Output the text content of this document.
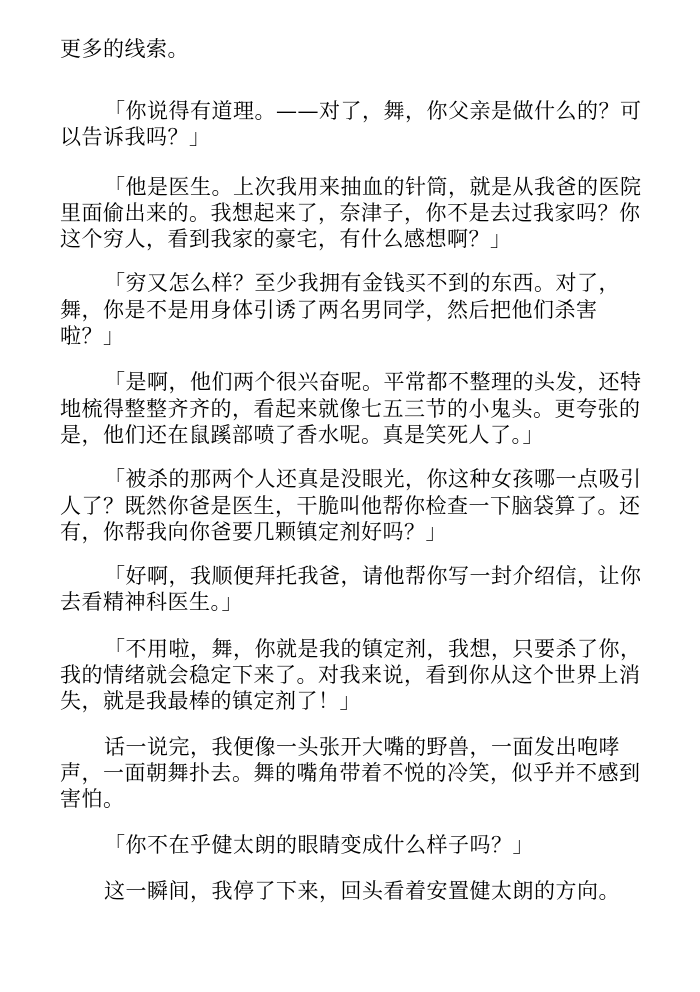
更多的线索。
「你说得有道理。——对了，舞，你父亲是做什么的？可
以告诉我吗？」
「他是医生。上次我用来抽血的针筒，就是从我爸的医院
里面偷出来的。我想起来了，奈津子，你不是去过我家吗？你
这个穷人，看到我家的豪宅，有什么感想啊？」
「穷又怎么样？至少我拥有金钱买不到的东西。对了，
舞，你是不是用身体引诱了两名男同学，然后把他们杀害
啦？」
「是啊，他们两个很兴奋呢。平常都不整理的头发，还特
地梳得整整齐齐的，看起来就像七五三节的小鬼头。更夸张的
是，他们还在鼠蹊部喷了香水呢。真是笑死人了。」
「被杀的那两个人还真是没眼光，你这种女孩哪一点吸引
人了？既然你爸是医生，干脆叫他帮你检查一下脑袋算了。还
有，你帮我向你爸要几颗镇定剂好吗？」
「好啊，我顺便拜托我爸，请他帮你写一封介绍信，让你
去看精神科医生。」
「不用啦，舞，你就是我的镇定剂，我想，只要杀了你，
我的情绪就会稳定下来了。对我来说，看到你从这个世界上消
失，就是我最棒的镇定剂了！」
话一说完，我便像一头张开大嘴的野兽，一面发出咆哮
声，一面朝舞扑去。舞的嘴角带着不悦的冷笑，似乎并不感到
害怕。
「你不在乎健太朗的眼睛变成什么样子吗？」
这一瞬间，我停了下来，回头看着安置健太朗的方向。
